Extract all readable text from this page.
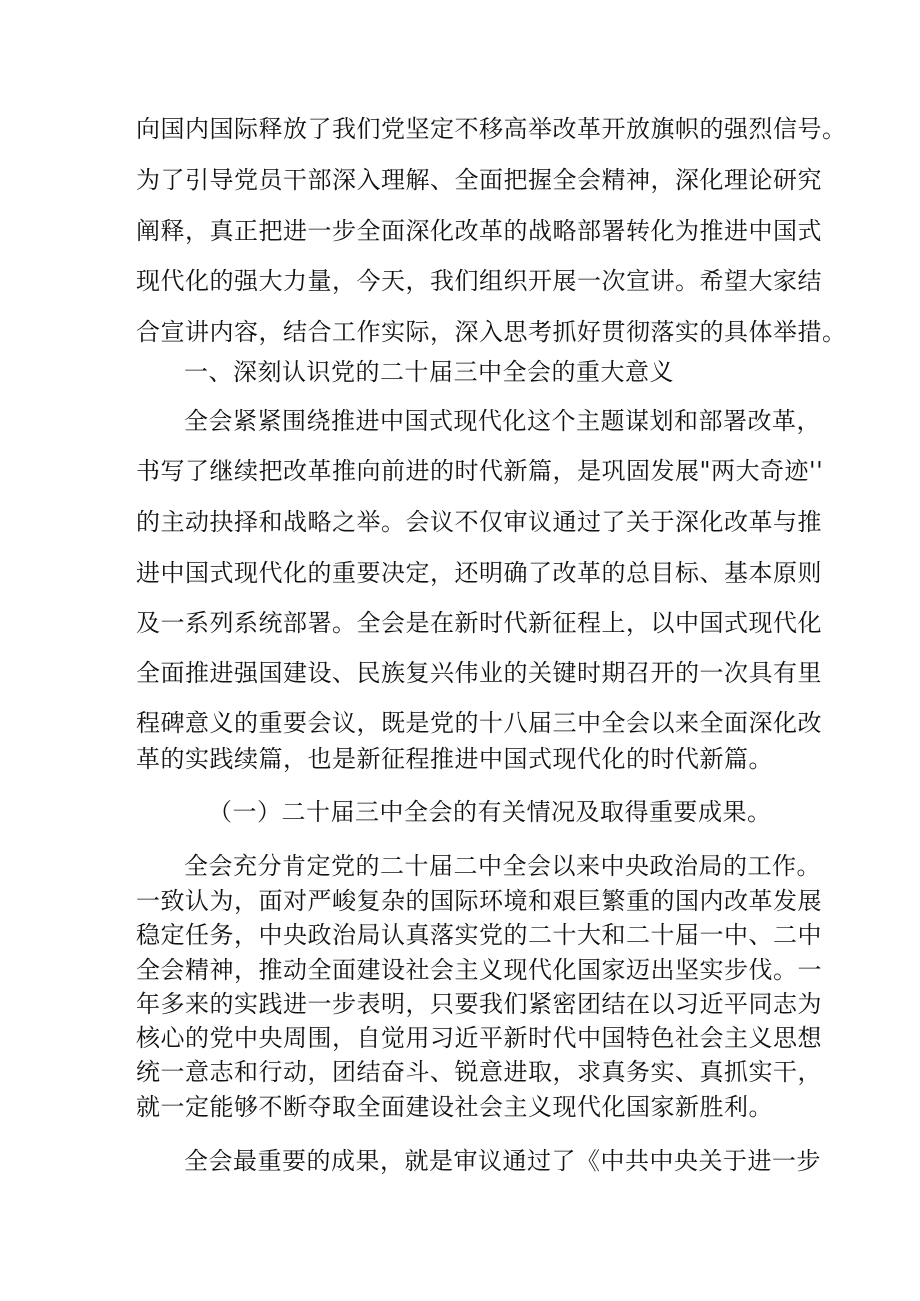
向国内国际释放了我们党坚定不移高举改革开放旗帜的强烈信号。
为了引导党员干部深入理解、全面把握全会精神，深化理论研究
阐释，真正把进一步全面深化改革的战略部署转化为推进中国式
现代化的强大力量，今天，我们组织开展一次宣讲。希望大家结
合宣讲内容，结合工作实际，深入思考抓好贯彻落实的具体举措。
一、深刻认识党的二十届三中全会的重大意义
全会紧紧围绕推进中国式现代化这个主题谋划和部署改革，
书写了继续把改革推向前进的时代新篇，是巩固发展"两大奇迹''
的主动抉择和战略之举。会议不仅审议通过了关于深化改革与推
进中国式现代化的重要决定，还明确了改革的总目标、基本原则
及一系列系统部署。全会是在新时代新征程上，以中国式现代化
全面推进强国建设、民族复兴伟业的关键时期召开的一次具有里
程碑意义的重要会议，既是党的十八届三中全会以来全面深化改
革的实践续篇，也是新征程推进中国式现代化的时代新篇。
（一）二十届三中全会的有关情况及取得重要成果。
全会充分肯定党的二十届二中全会以来中央政治局的工作。
一致认为，面对严峻复杂的国际环境和艰巨繁重的国内改革发展
稳定任务，中央政治局认真落实党的二十大和二十届一中、二中
全会精神，推动全面建设社会主义现代化国家迈出坚实步伐。一
年多来的实践进一步表明，只要我们紧密团结在以习近平同志为
核心的党中央周围，自觉用习近平新时代中国特色社会主义思想
统一意志和行动，团结奋斗、锐意进取，求真务实、真抓实干，
就一定能够不断夺取全面建设社会主义现代化国家新胜利。
全会最重要的成果，就是审议通过了《中共中央关于进一步
